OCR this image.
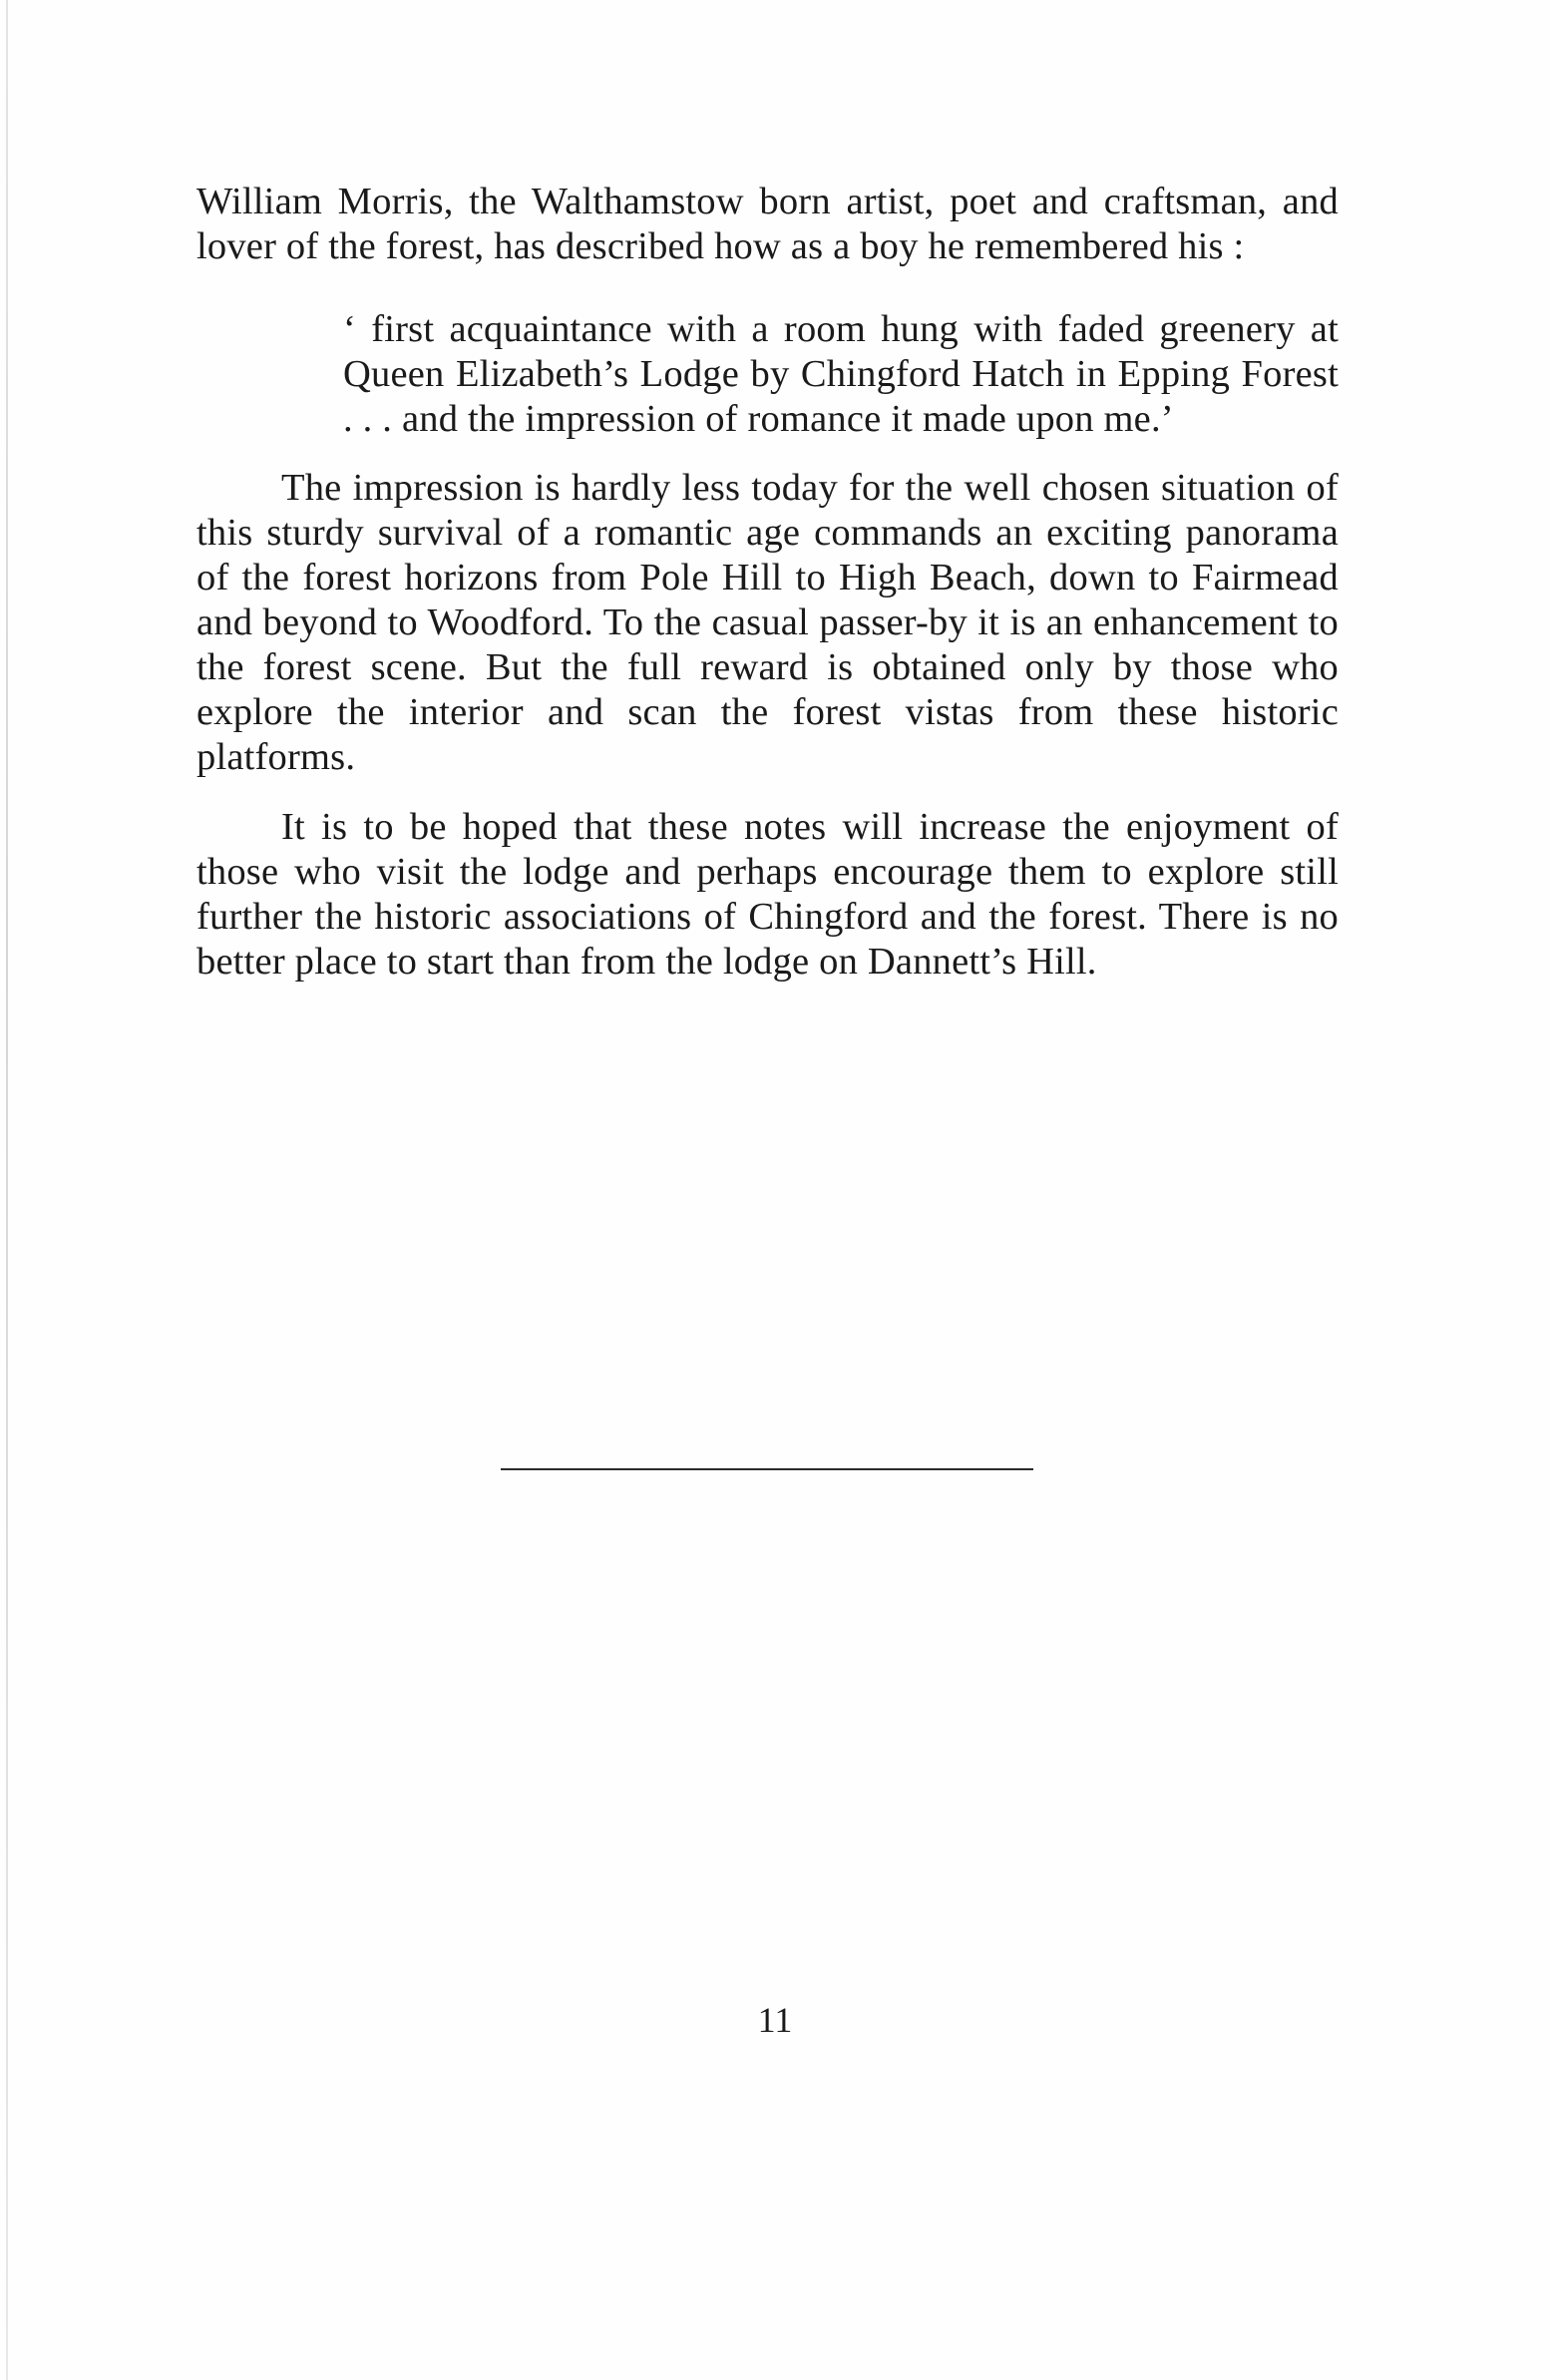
William Morris, the Walthamstow born artist, poet and craftsman, and lover of the forest, has described how as a boy he remembered his :

‘ first acquaintance with a room hung with faded greenery at Queen Elizabeth’s Lodge by Chingford Hatch in Epping Forest . . . and the impression of romance it made upon me.’

The impression is hardly less today for the well chosen situation of this sturdy survival of a romantic age commands an exciting panorama of the forest horizons from Pole Hill to High Beach, down to Fairmead and beyond to Woodford. To the casual passer-by it is an enhancement to the forest scene. But the full reward is obtained only by those who explore the interior and scan the forest vistas from these historic platforms.

It is to be hoped that these notes will increase the enjoyment of those who visit the lodge and perhaps encourage them to explore still further the historic associations of Chingford and the forest. There is no better place to start than from the lodge on Dannett’s Hill.

11
